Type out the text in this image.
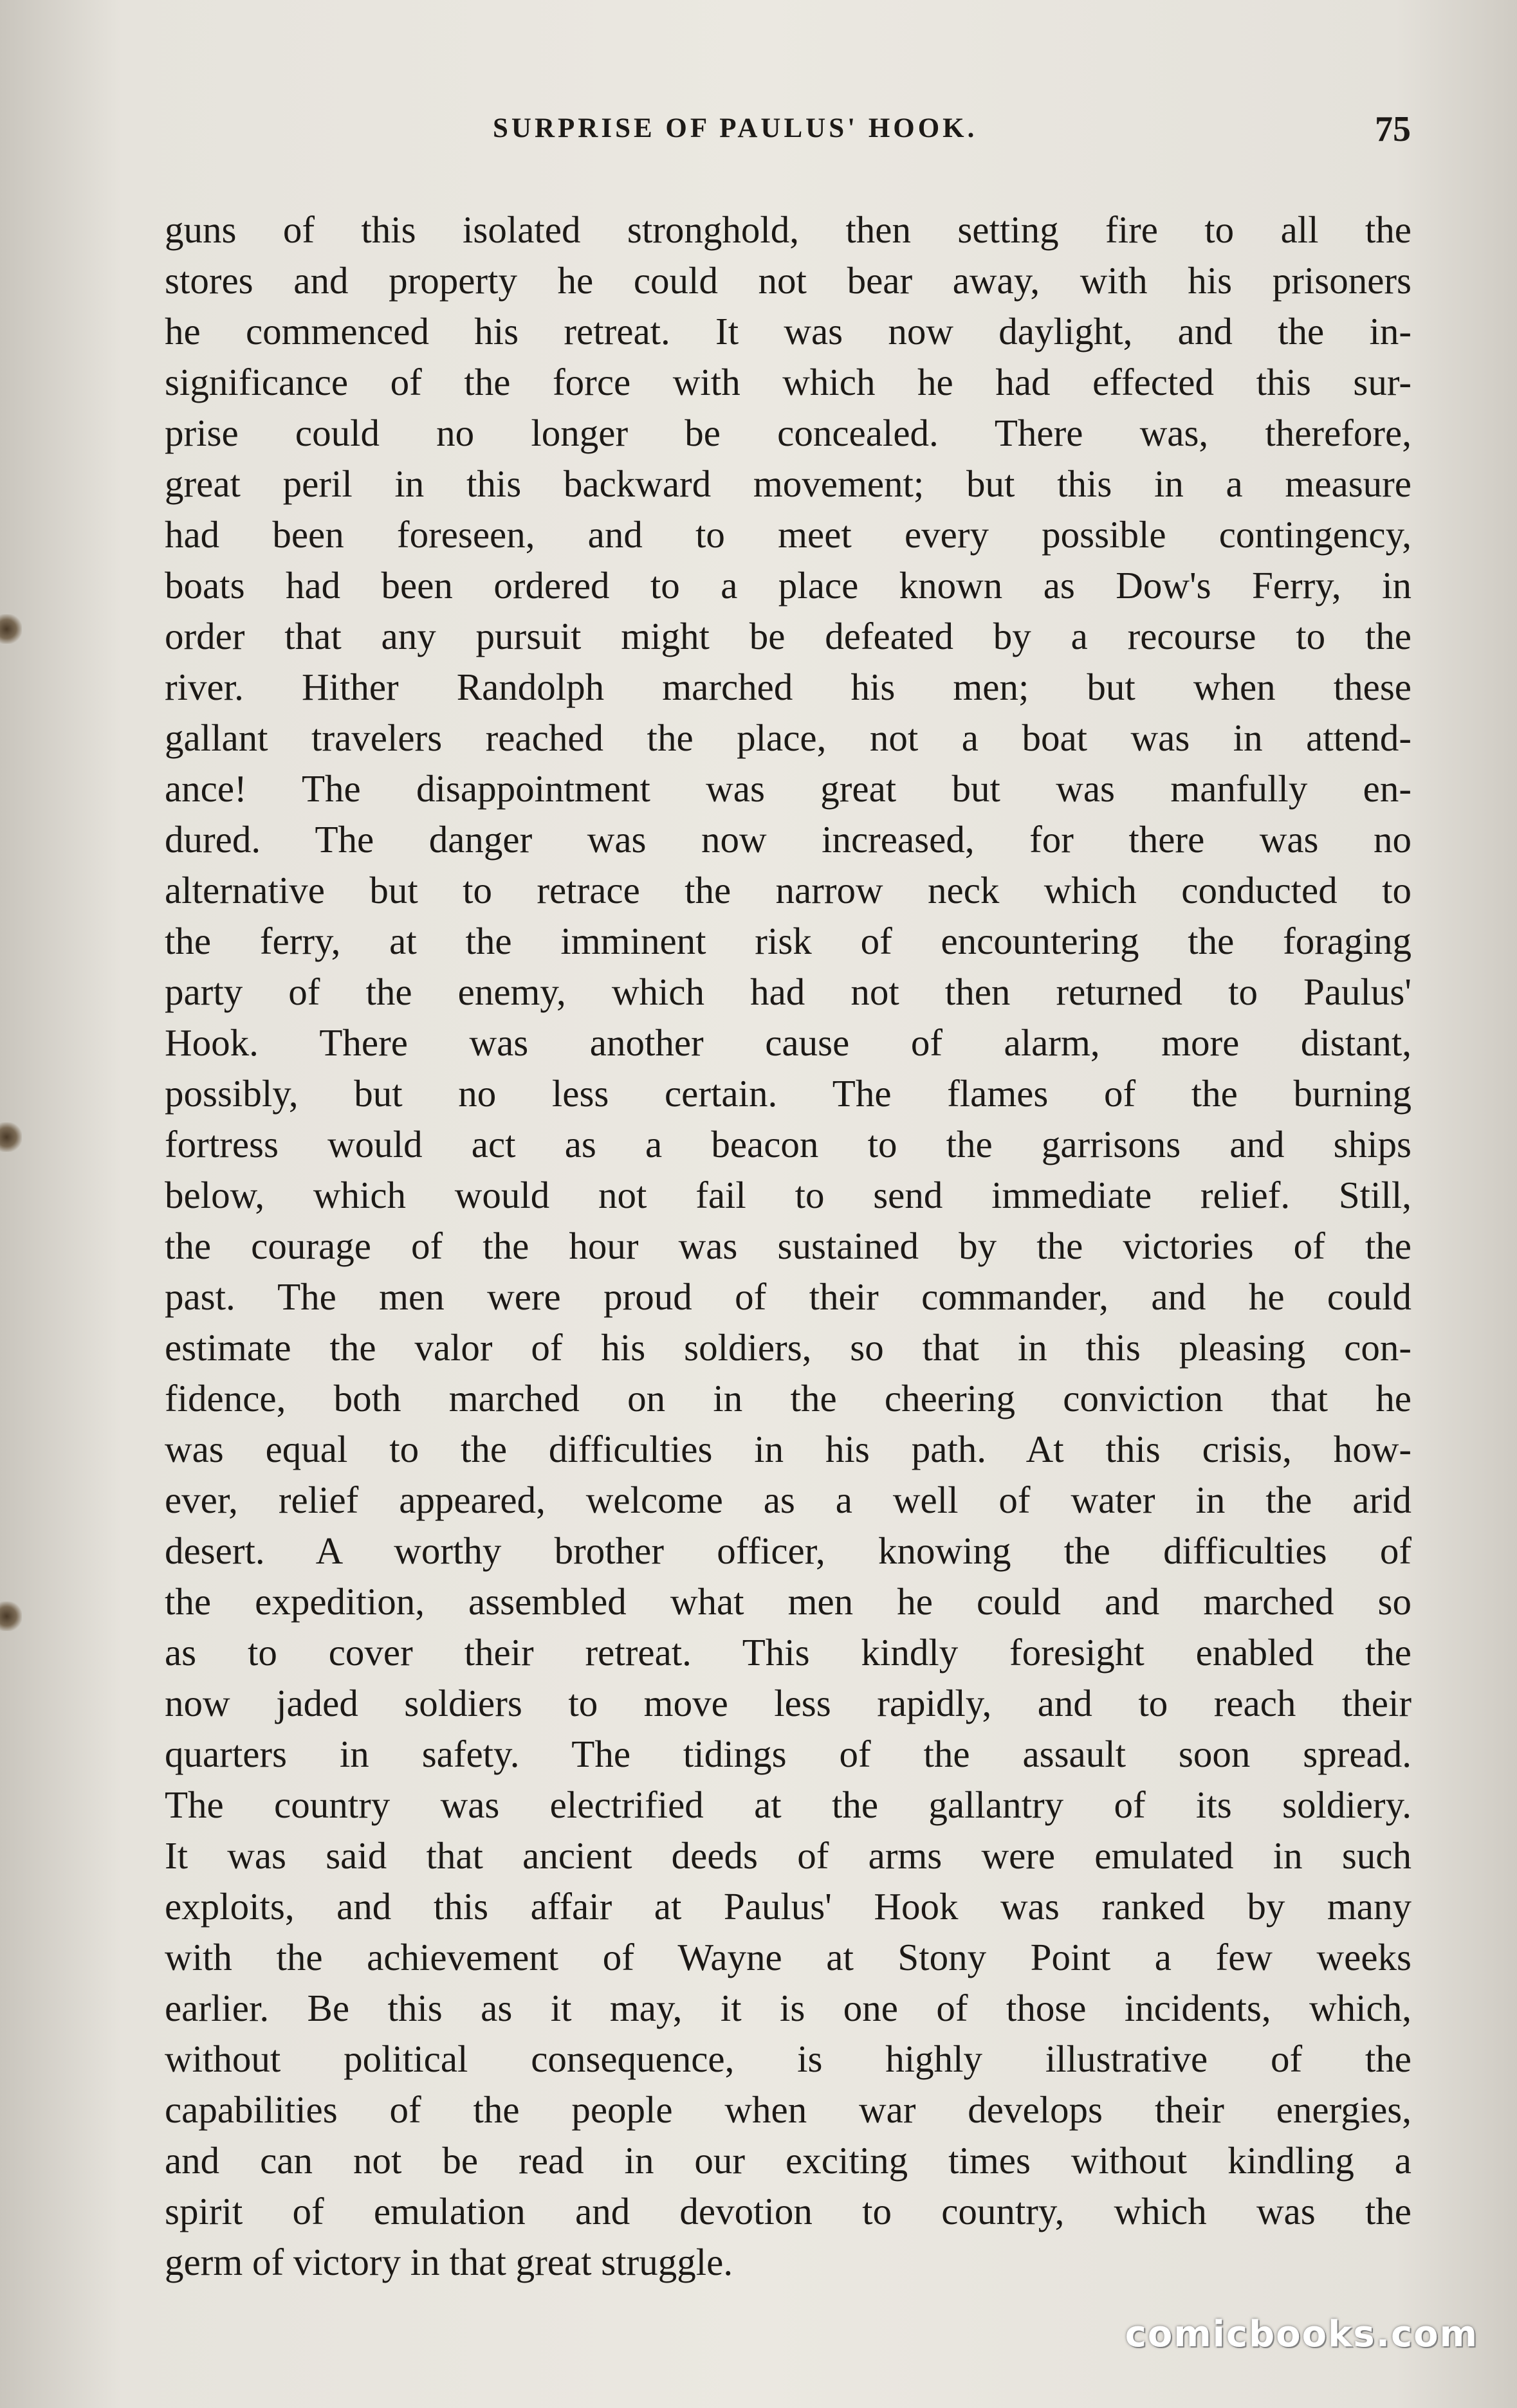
SURPRISE OF PAULUS' HOOK.	75
guns of this isolated stronghold, then setting fire to all the
stores and property he could not bear away, with his prisoners
he commenced his retreat. It was now daylight, and the in-
significance of the force with which he had effected this sur-
prise could no longer be concealed. There was, therefore,
great peril in this backward movement; but this in a measure
had been foreseen, and to meet every possible contingency,
boats had been ordered to a place known as Dow's Ferry, in
order that any pursuit might be defeated by a recourse to the
river. Hither Randolph marched his men; but when these
gallant travelers reached the place, not a boat was in attend-
ance! The disappointment was great but was manfully en-
dured. The danger was now increased, for there was no
alternative but to retrace the narrow neck which conducted to
the ferry, at the imminent risk of encountering the foraging
party of the enemy, which had not then returned to Paulus'
Hook. There was another cause of alarm, more distant,
possibly, but no less certain. The flames of the burning
fortress would act as a beacon to the garrisons and ships
below, which would not fail to send immediate relief. Still,
the courage of the hour was sustained by the victories of the
past. The men were proud of their commander, and he could
estimate the valor of his soldiers, so that in this pleasing con-
fidence, both marched on in the cheering conviction that he
was equal to the difficulties in his path. At this crisis, how-
ever, relief appeared, welcome as a well of water in the arid
desert. A worthy brother officer, knowing the difficulties of
the expedition, assembled what men he could and marched so
as to cover their retreat. This kindly foresight enabled the
now jaded soldiers to move less rapidly, and to reach their
quarters in safety. The tidings of the assault soon spread.
The country was electrified at the gallantry of its soldiery.
It was said that ancient deeds of arms were emulated in such
exploits, and this affair at Paulus' Hook was ranked by many
with the achievement of Wayne at Stony Point a few weeks
earlier. Be this as it may, it is one of those incidents, which,
without political consequence, is highly illustrative of the
capabilities of the people when war develops their energies,
and can not be read in our exciting times without kindling a
spirit of emulation and devotion to country, which was the
germ of victory in that great struggle.
comicbooks.com
